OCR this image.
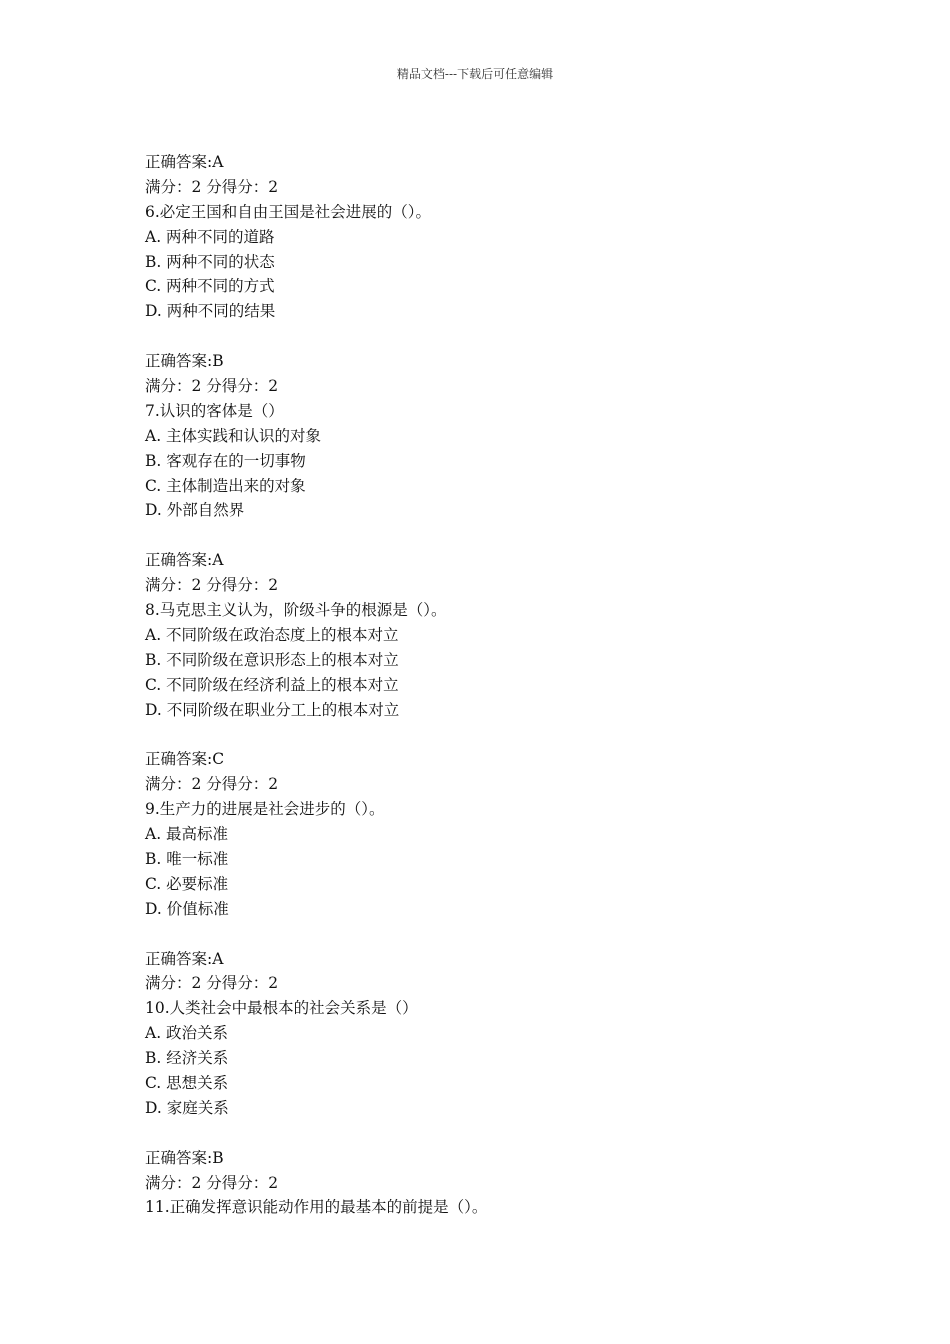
精品文档---下载后可任意编辑
正确答案:A
满分：2 分得分：2
6.必定王国和自由王国是社会进展的（）。
A. 两种不同的道路
B. 两种不同的状态
C. 两种不同的方式
D. 两种不同的结果
正确答案:B
满分：2 分得分：2
7.认识的客体是（）
A. 主体实践和认识的对象
B. 客观存在的一切事物
C. 主体制造出来的对象
D. 外部自然界
正确答案:A
满分：2 分得分：2
8.马克思主义认为，阶级斗争的根源是（）。
A. 不同阶级在政治态度上的根本对立
B. 不同阶级在意识形态上的根本对立
C. 不同阶级在经济利益上的根本对立
D. 不同阶级在职业分工上的根本对立
正确答案:C
满分：2 分得分：2
9.生产力的进展是社会进步的（）。
A. 最高标准
B. 唯一标准
C. 必要标准
D. 价值标准
正确答案:A
满分：2 分得分：2
10.人类社会中最根本的社会关系是（）
A. 政治关系
B. 经济关系
C. 思想关系
D. 家庭关系
正确答案:B
满分：2 分得分：2
11.正确发挥意识能动作用的最基本的前提是（）。
